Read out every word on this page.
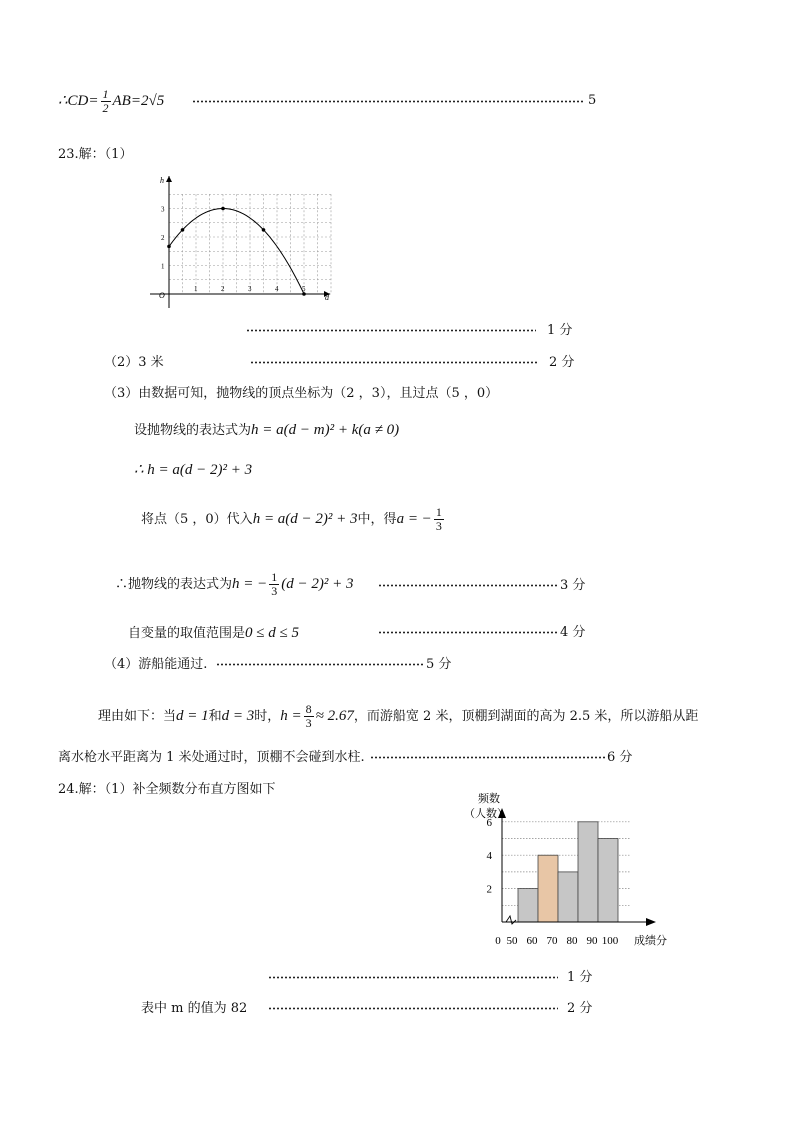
∴CD= $\frac{1}{2} AB=2√5$	5
23.解：（1）
1	2	3	4	5
1
2
3
O	d
h
1 分
（2）3 米	2 分
（3）由数据可知，抛物线的顶点坐标为（2 ，3），且过点（5 ，0）
设抛物线的表达式为h = a(d − m)² + k(a ≠ 0)
∴ h = a(d − 2)² + 3
将点（5 ，0）代入h = a(d − 2)² + 3中，得a = − $\frac{1}{3}$
∴抛物线的表达式为h = − $\frac{1}{3} (d - 2)^2 + 3$	3 分
自变量的取值范围是0 ≤ d ≤ 5	4 分
（4）游船能通过.	5 分
理由如下：当d = 1和d = 3时，$h = \frac{8}{3} \approx 2.67$，而游船宽 2 米，顶棚到湖面的高为 2.5 米，所以游船从距
离水枪水平距离为 1 米处通过时，顶棚不会碰到水柱.	6 分
24.解：（1）补全频数分布直方图如下
0 50 60 70 80 90 100
2
4
6
频数
（人数）
成绩分
1 分
表中 m 的值为 82	2 分
